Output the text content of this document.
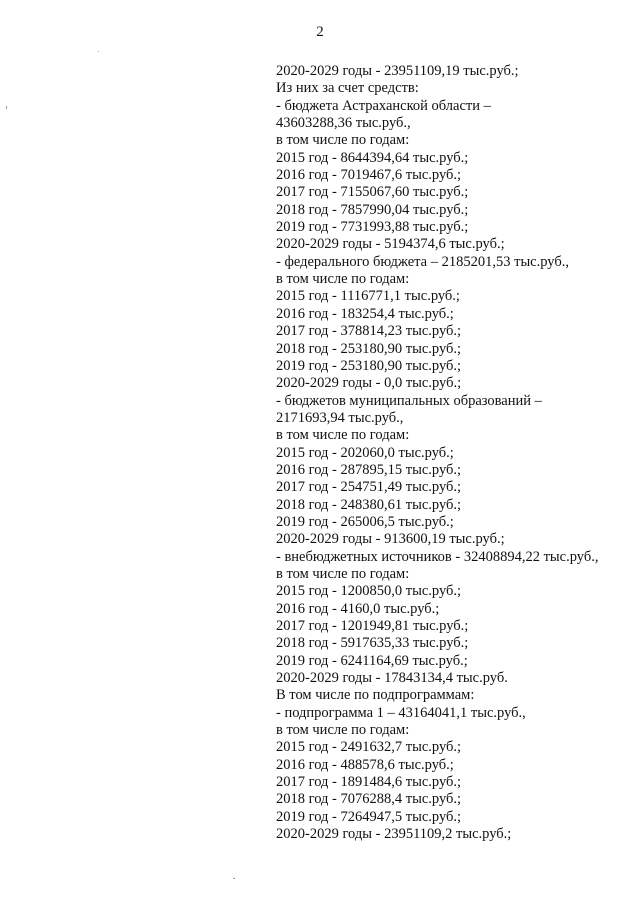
2
2020-2029 годы - 23951109,19 тыс.руб.;
Из них за счет средств:
- бюджета Астраханской области –
43603288,36 тыс.руб.,
в том числе по годам:
2015 год - 8644394,64 тыс.руб.;
2016 год - 7019467,6 тыс.руб.;
2017 год - 7155067,60 тыс.руб.;
2018 год - 7857990,04 тыс.руб.;
2019 год - 7731993,88 тыс.руб.;
2020-2029 годы - 5194374,6 тыс.руб.;
- федерального бюджета – 2185201,53 тыс.руб.,
в том числе по годам:
2015 год - 1116771,1 тыс.руб.;
2016 год - 183254,4 тыс.руб.;
2017 год - 378814,23 тыс.руб.;
2018 год - 253180,90 тыс.руб.;
2019 год - 253180,90 тыс.руб.;
2020-2029 годы - 0,0 тыс.руб.;
- бюджетов муниципальных образований –
2171693,94 тыс.руб.,
в том числе по годам:
2015 год - 202060,0 тыс.руб.;
2016 год - 287895,15 тыс.руб.;
2017 год - 254751,49 тыс.руб.;
2018 год - 248380,61 тыс.руб.;
2019 год - 265006,5 тыс.руб.;
2020-2029 годы - 913600,19 тыс.руб.;
- внебюджетных источников - 32408894,22 тыс.руб.,
в том числе по годам:
2015 год - 1200850,0 тыс.руб.;
2016 год - 4160,0 тыс.руб.;
2017 год - 1201949,81 тыс.руб.;
2018 год - 5917635,33 тыс.руб.;
2019 год - 6241164,69 тыс.руб.;
2020-2029 годы - 17843134,4 тыс.руб.
В том числе по подпрограммам:
- подпрограмма 1 – 43164041,1 тыс.руб.,
в том числе по годам:
2015 год - 2491632,7 тыс.руб.;
2016 год - 488578,6 тыс.руб.;
2017 год - 1891484,6 тыс.руб.;
2018 год - 7076288,4 тыс.руб.;
2019 год - 7264947,5 тыс.руб.;
2020-2029 годы - 23951109,2 тыс.руб.;
